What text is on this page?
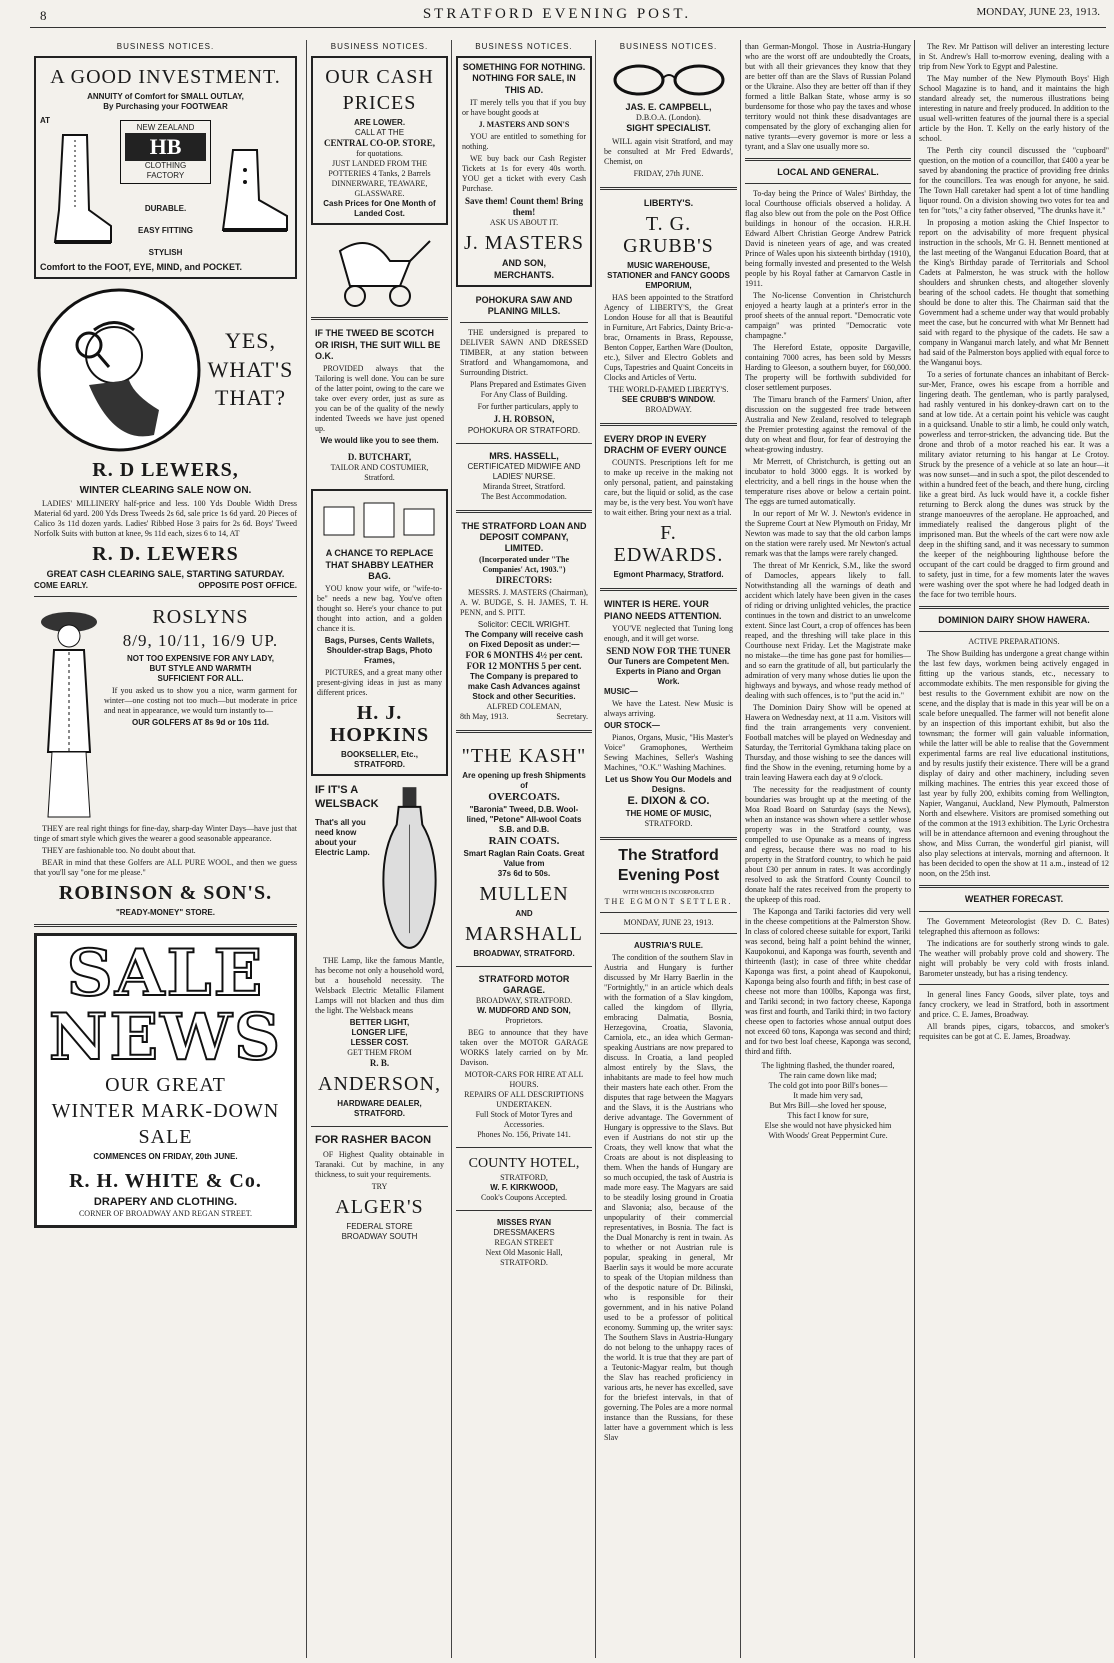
8	STRATFORD EVENING POST.	MONDAY, JUNE 23, 1913.
BUSINESS NOTICES.
A GOOD INVESTMENT.
ANNUITY of Comfort for SMALL OUTLAY,
By Purchasing your FOOTWEAR
AT
NEW ZEALAND
HB
CLOTHING FACTORY
DURABLE.
EASY FITTING
STYLISH
Comfort to the FOOT, EYE, MIND, and POCKET.
YES,
WHAT'S
THAT?
R. D LEWERS,
WINTER CLEARING SALE NOW ON.

LADIES' MILLINERY half-price and less. 100 Yds Double Width Dress Material 6d yard. 200 Yds Dress Tweeds 2s 6d, sale price 1s 6d yard. 20 Pieces of Calico 3s 11d dozen yards. Ladies' Ribbed Hose 3 pairs for 2s 6d. Boys' Tweed Norfolk Suits with button at knee, 9s 11d each, sizes 6 to 14, AT

R. D. LEWERS
GREAT CASH CLEARING SALE, STARTING SATURDAY.
COME EARLY.	OPPOSITE POST OFFICE.
ROSLYNS
8/9, 10/11, 16/9 UP.
NOT TOO EXPENSIVE FOR ANY LADY,
BUT STYLE AND WARMTH
SUFFICIENT FOR ALL.

If you asked us to show you a nice, warm garment for winter—one costing not too much—but moderate in price and neat in appearance, we would turn instantly to—

OUR GOLFERS AT 8s 9d or 10s 11d.

THEY are real right things for fine-day, sharp-day Winter Days—have just that tinge of smart style which gives the wearer a good seasonable appearance.

THEY are fashionable too. No doubt about that.

BEAR in mind that these Golfers are ALL PURE WOOL, and then we guess that you'll say "one for me please."

ROBINSON & SON'S.
"READY-MONEY" STORE.
SALE
NEWS
OUR GREAT
WINTER MARK-DOWN
SALE
COMMENCES ON FRIDAY, 20th JUNE.
R. H. WHITE & Co.
DRAPERY AND CLOTHING.
CORNER OF BROADWAY AND REGAN STREET.
BUSINESS NOTICES.
OUR CASH
PRICES
ARE LOWER.
CALL AT THE
CENTRAL CO-OP. STORE,
for quotations.
JUST LANDED FROM THE POTTERIES 4 Tanks, 2 Barrels DINNERWARE, TEAWARE, GLASSWARE.
Cash Prices for One Month of Landed Cost.
IF THE TWEED BE SCOTCH OR IRISH, THE SUIT WILL BE O.K.

PROVIDED always that the Tailoring is well done. You can be sure of the latter point, owing to the care we take over every order, just as sure as you can be of the quality of the newly indented Tweeds we have just opened up.

We would like you to see them.
D. BUTCHART,
TAILOR AND COSTUMIER,
Stratford.
A CHANCE TO REPLACE THAT SHABBY LEATHER BAG.

YOU know your wife, or "wife-to-be" needs a new bag. You've often thought so. Here's your chance to put thought into action, and a golden chance it is.

Bags, Purses, Cents Wallets, Shoulder-strap Bags, Photo Frames,

PICTURES, and a great many other present-giving ideas in just as many different prices.

H. J. HOPKINS
BOOKSELLER, Etc., STRATFORD.
IF IT'S A
WELSBACK
That's all you need know about your Electric Lamp.

THE Lamp, like the famous Mantle, has become not only a household word, but a household necessity. The Welsback Electric Metallic Filament Lamps will not blacken and thus dim the light. The Welsback means

BETTER LIGHT,
LONGER LIFE,
LESSER COST.
GET THEM FROM
R. B.
ANDERSON,
HARDWARE DEALER,
STRATFORD.
FOR RASHER BACON

OF Highest Quality obtainable in Taranaki. Cut by machine, in any thickness, to suit your requirements.

TRY
ALGER'S
FEDERAL STORE
BROADWAY SOUTH
BUSINESS NOTICES.
SOMETHING FOR NOTHING. NOTHING FOR SALE, IN THIS AD.

IT merely tells you that if you buy or have bought goods at

J. MASTERS AND SON'S

YOU are entitled to something for nothing.

WE buy back our Cash Register Tickets at 1s for every 40s worth. YOU get a ticket with every Cash Purchase.

Save them! Count them! Bring them!
ASK US ABOUT IT.
J. MASTERS
AND SON,
MERCHANTS.
POHOKURA SAW AND PLANING MILLS.

THE undersigned is prepared to DELIVER SAWN AND DRESSED TIMBER, at any station between Stratford and Whangamomona, and Surrounding District.

Plans Prepared and Estimates Given For Any Class of Building.

For further particulars, apply to

J. H. ROBSON,
POHOKURA OR STRATFORD.
MRS. HASSELL,
CERTIFICATED MIDWIFE AND LADIES' NURSE.
Miranda Street, Stratford.
The Best Accommodation.
THE STRATFORD LOAN AND DEPOSIT COMPANY, LIMITED.
(Incorporated under "The Companies' Act, 1903.")
DIRECTORS:

MESSRS. J. MASTERS (Chairman), A. W. BUDGE, S. H. JAMES, T. H. PENN, and S. PITT.

Solicitor: CECIL WRIGHT.
The Company will receive cash on Fixed Deposit as under:—
FOR 6 MONTHS 4½ per cent.
FOR 12 MONTHS 5 per cent.
The Company is prepared to make Cash Advances against Stock and other Securities.
ALFRED COLEMAN,
8th May, 1913.	Secretary.
"THE KASH"
Are opening up fresh Shipments of
OVERCOATS.
"Baronia" Tweed, D.B. Wool-lined, "Petone" All-wool Coats S.B. and D.B.
RAIN COATS.
Smart Raglan Rain Coats. Great Value from
37s 6d to 50s.
MULLEN
AND
MARSHALL
BROADWAY, STRATFORD.
STRATFORD MOTOR GARAGE.
BROADWAY, STRATFORD.
W. MUDFORD AND SON,
Proprietors.

BEG to announce that they have taken over the MOTOR GARAGE WORKS lately carried on by Mr. Davison.

MOTOR-CARS FOR HIRE AT ALL HOURS.
REPAIRS OF ALL DESCRIPTIONS UNDERTAKEN.
Full Stock of Motor Tyres and Accessories.
Phones No. 156, Private 141.
COUNTY HOTEL,
STRATFORD,
W. F. KIRKWOOD,
Cook's Coupons Accepted.
MISSES RYAN
DRESSMAKERS
REGAN STREET
Next Old Masonic Hall,
STRATFORD.
BUSINESS NOTICES.
JAS. E. CAMPBELL,
D.B.O.A. (London).
SIGHT SPECIALIST.

WILL again visit Stratford, and may be consulted at Mr Fred Edwards', Chemist, on

FRIDAY, 27th JUNE.
LIBERTY'S.
T. G. GRUBB'S
MUSIC WAREHOUSE,
STATIONER and FANCY GOODS EMPORIUM,

HAS been appointed to the Stratford Agency of LIBERTY'S, the Great London House for all that is Beautiful in Furniture, Art Fabrics, Dainty Bric-a-brac, Ornaments in Brass, Repousse, Benton Copper, Earthen Ware (Doulton, etc.), Silver and Electro Goblets and Cups, Tapestries and Quaint Conceits in Clocks and Articles of Vertu.

THE WORLD-FAMED LIBERTY'S.
SEE CRUBB'S WINDOW.
BROADWAY.
EVERY DROP IN EVERY DRACHM OF EVERY OUNCE

COUNTS. Prescriptions left for me to make up receive in the making not only personal, patient, and painstaking care, but the liquid or solid, as the case may be, is the very best. You won't have to wait either. Bring your next as a trial.

F. EDWARDS.
Egmont Pharmacy, Stratford.
WINTER IS HERE. YOUR PIANO NEEDS ATTENTION.

YOU'VE neglected that Tuning long enough, and it will get worse.

SEND NOW FOR THE TUNER
Our Tuners are Competent Men. Experts in Piano and Organ Work.
MUSIC—

We have the Latest. New Music is always arriving.

OUR STOCK—

Pianos, Organs, Music, "His Master's Voice" Gramophones, Wertheim Sewing Machines, Seller's Washing Machines, "O.K." Washing Machines.

Let us Show You Our Models and Designs.
E. DIXON & CO.
THE HOME OF MUSIC,
STRATFORD.
The Stratford Evening Post
WITH WHICH IS INCORPORATED
THE EGMONT SETTLER.
MONDAY, JUNE 23, 1913.
AUSTRIA'S RULE.

The condition of the southern Slav in Austria and Hungary is further discussed by Mr Harry Baerlin in the "Fortnightly," in an article which deals with the formation of a Slav kingdom, called the kingdom of Illyria, embracing Dalmatia, Bosnia, Herzegovina, Croatia, Slavonia, Carniola, etc., an idea which German-speaking Austrians are now prepared to discuss. In Croatia, a land peopled almost entirely by the Slavs, the inhabitants are made to feel how much their masters hate each other. From the disputes that rage between the Magyars and the Slavs, it is the Austrians who derive advantage. The Government of Hungary is oppressive to the Slavs. But even if Austrians do not stir up the Croats, they well know that what the Croats are about is not displeasing to them. When the hands of Hungary are so much occupied, the task of Austria is made more easy. The Magyars are said to be steadily losing ground in Croatia and Slavonia; also, because of the unpopularity of their commercial representatives, in Bosnia. The fact is the Dual Monarchy is rent in twain. As to whether or not Austrian rule is popular, speaking in general, Mr Baerlin says it would be more accurate to speak of the Utopian mildness than of the despotic nature of Dr. Bilinski, who is responsible for their government, and in his native Poland used to be a professor of political economy. Summing up, the writer says: The Southern Slavs in Austria-Hungary do not belong to the unhappy races of the world. It is true that they are part of a Teutonic-Magyar realm, but though the Slav has reached proficiency in various arts, he never has excelled, save for the briefest intervals, in that of governing. The Poles are a more normal instance than the Russians, for these latter have a government which is less Slav

than German-Mongol. Those in Austria-Hungary who are the worst off are undoubtedly the Croats, but with all their grievances they know that they are better off than are the Slavs of Russian Poland or the Ukraine. Also they are better off than if they formed a little Balkan State, whose army is so burdensome for those who pay the taxes and whose territory would not think these disadvantages are compensated by the glory of exchanging alien for native tyrants—every governor is more or less a tyrant, and a Slav one usually more so.

LOCAL AND GENERAL.

To-day being the Prince of Wales' Birthday, the local Courthouse officials observed a holiday. A flag also blew out from the pole on the Post Office buildings in honour of the occasion. H.R.H. Edward Albert Christian George Andrew Patrick David is nineteen years of age, and was created Prince of Wales upon his sixteenth birthday (1910), being formally invested and presented to the Welsh people by his Royal father at Carnarvon Castle in 1911.

The No-license Convention in Christchurch enjoyed a hearty laugh at a printer's error in the proof sheets of the annual report. "Democratic vote campaign" was printed "Democratic vote champagne."

The Hereford Estate, opposite Dargaville, containing 7000 acres, has been sold by Messrs Harding to Gleeson, a southern buyer, for £60,000. The property will be forthwith subdivided for closer settlement purposes.

The Timaru branch of the Farmers' Union, after discussion on the suggested free trade between Australia and New Zealand, resolved to telegraph the Premier protesting against the removal of the duty on wheat and flour, for fear of destroying the wheat-growing industry.

Mr Merrett, of Christchurch, is getting out an incubator to hold 3000 eggs. It is worked by electricity, and a bell rings in the house when the temperature rises above or below a certain point. The eggs are turned automatically.

In our report of Mr W. J. Newton's evidence in the Supreme Court at New Plymouth on Friday, Mr Newton was made to say that the old carbon lamps on the station were rarely used. Mr Newton's actual remark was that the lamps were rarely changed.

The threat of Mr Kenrick, S.M., like the sword of Damocles, appears likely to fall. Notwithstanding all the warnings of death and accident which lately have been given in the cases of riding or driving unlighted vehicles, the practice continues in the town and district to an unwelcome extent. Since last Court, a crop of offences has been reaped, and the threshing will take place in this Courthouse next Friday. Let the Magistrate make no mistake—the time has gone past for homilies—and so earn the gratitude of all, but particularly the admiration of very many whose duties lie upon the highways and byways, and whose ready method of dealing with such offences, is to "put the acid in."

The Dominion Dairy Show will be opened at Hawera on Wednesday next, at 11 a.m. Visitors will find the train arrangements very convenient. Football matches will be played on Wednesday and Saturday, the Territorial Gymkhana taking place on Thursday, and those wishing to see the dances will find the Show in the evening, returning home by a train leaving Hawera each day at 9 o'clock.

The necessity for the readjustment of county boundaries was brought up at the meeting of the Moa Road Board on Saturday (says the News), when an instance was shown where a settler whose property was in the Stratford county, was compelled to use Opunake as a means of ingress and egress, because there was no road to his property in the Stratford country, to which he paid about £30 per annum in rates. It was accordingly resolved to ask the Stratford County Council to donate half the rates received from the property to the upkeep of this road.

The Kaponga and Tariki factories did very well in the cheese competitions at the Palmerston Show. In class of colored cheese suitable for export, Tariki was second, being half a point behind the winner, Kaupokonui, and Kaponga was fourth, seventh and thirteenth (last); in case of three white cheddar Kaponga was first, a point ahead of Kaupokonui, Kaponga being also fourth and fifth; in best case of cheese not more than 100lbs, Kaponga was first, and Tariki second; in two factory cheese, Kaponga was first and fourth, and Tariki third; in two factory cheese open to factories whose annual output does not exceed 60 tons, Kaponga was second and third; and for two best loaf cheese, Kaponga was second, third and fifth.

The lightning flashed, the thunder roared,
The rain came down like mad;
The cold got into poor Bill's bones—
It made him very sad,
But Mrs Bill—she loved her spouse,
This fact I know for sure,
Else she would not have physicked him
With Woods' Great Peppermint Cure.

The Rev. Mr Pattison will deliver an interesting lecture in St. Andrew's Hall to-morrow evening, dealing with a trip from New York to Egypt and Palestine.

The May number of the New Plymouth Boys' High School Magazine is to hand, and it maintains the high standard already set, the numerous illustrations being interesting in nature and freely produced. In addition to the usual well-written features of the journal there is a special article by the Hon. T. Kelly on the early history of the school.

The Perth city council discussed the "cupboard" question, on the motion of a councillor, that £400 a year be saved by abandoning the practice of providing free drinks for the councillors. Tea was enough for anyone, he said. The Town Hall caretaker had spent a lot of time handling liquor round. On a division showing two votes for tea and ten for "tots," a city father observed, "The drunks have it."

In proposing a motion asking the Chief Inspector to report on the advisability of more frequent physical instruction in the schools, Mr G. H. Bennett mentioned at the last meeting of the Wanganui Education Board, that at the King's Birthday parade of Territorials and School Cadets at Palmerston, he was struck with the hollow shoulders and shrunken chests, and altogether slovenly bearing of the school cadets. He thought that something should be done to alter this. The Chairman said that the Government had a scheme under way that would probably meet the case, but he concurred with what Mr Bennett had said with regard to the physique of the cadets. He saw a company in Wanganui march lately, and what Mr Bennett had said of the Palmerston boys applied with equal force to the Wanganui boys.

To a series of fortunate chances an inhabitant of Berck-sur-Mer, France, owes his escape from a horrible and lingering death. The gentleman, who is partly paralysed, had rashly ventured in his donkey-drawn cart on to the sand at low tide. At a certain point his vehicle was caught in a quicksand. Unable to stir a limb, he could only watch, powerless and terror-stricken, the advancing tide. But the drone and throb of a motor reached his ear. It was a military aviator returning to his hangar at Le Crotoy. Struck by the presence of a vehicle at so late an hour—it was now sunset—and in such a spot, the pilot descended to within a hundred feet of the beach, and there hung, circling like a great bird. As luck would have it, a cockle fisher returning to Berck along the dunes was struck by the strange manoeuvres of the aeroplane. He approached, and immediately realised the dangerous plight of the imprisoned man. But the wheels of the cart were now axle deep in the shifting sand, and it was necessary to summon the keeper of the neighbouring lighthouse before the occupant of the cart could be dragged to firm ground and to safety, just in time, for a few moments later the waves were washing over the spot where he had lodged death in the face for two terrible hours.

DOMINION DAIRY SHOW HAWERA.
ACTIVE PREPARATIONS.

The Show Building has undergone a great change within the last few days, workmen being actively engaged in fitting up the various stands, etc., necessary to accommodate exhibits. The men responsible for giving the best results to the Government exhibit are now on the scene, and the display that is made in this year will be on a scale before unequalled. The farmer will not benefit alone by an inspection of this important exhibit, but also the townsman; the former will gain valuable information, while the latter will be able to realise that the Government experimental farms are real live educational institutions, and by results justify their existence. There will be a grand display of dairy and other machinery, including seven milking machines. The entries this year exceed those of last year by fully 200, exhibits coming from Wellington, Napier, Wanganui, Auckland, New Plymouth, Palmerston North and elsewhere. Visitors are promised something out of the common at the 1913 exhibition. The Lyric Orchestra will be in attendance afternoon and evening throughout the show, and Miss Curran, the wonderful girl pianist, will also play selections at intervals, morning and afternoon. It has been decided to open the show at 11 a.m., instead of 12 noon, on the 25th inst.

WEATHER FORECAST.

The Government Meteorologist (Rev D. C. Bates) telegraphed this afternoon as follows:

The indications are for southerly strong winds to gale. The weather will probably prove cold and showery. The night will probably be very cold with frosts inland. Barometer unsteady, but has a rising tendency.

In general lines Fancy Goods, silver plate, toys and fancy crockery, we lead in Stratford, both in assortment and price. C. E. James, Broadway.

All brands pipes, cigars, tobaccos, and smoker's requisites can be got at C. E. James, Broadway.
